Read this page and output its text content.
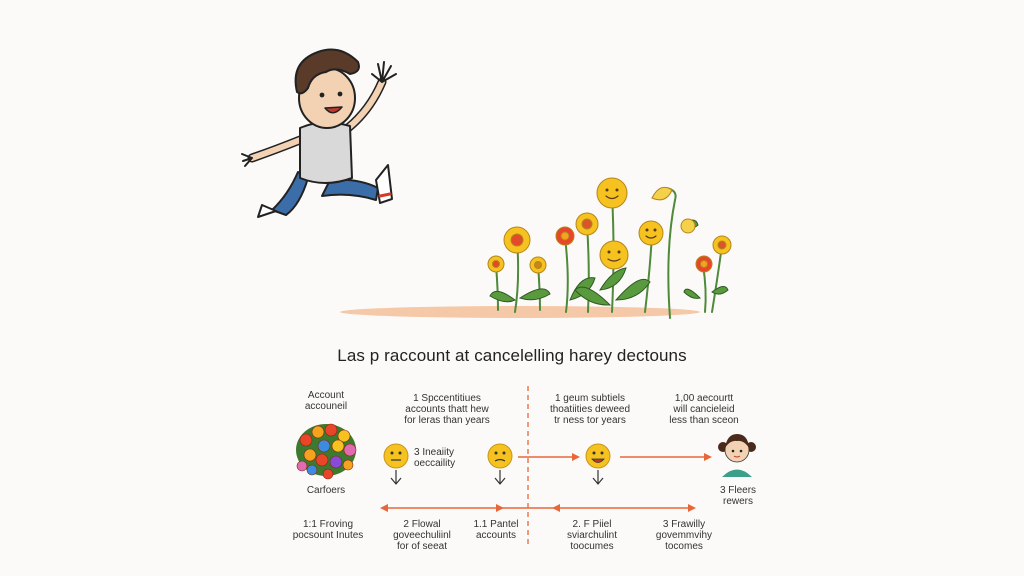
Las p raccount at cancelelling harey dectouns
Account
accouneil
1 Spccentitiues
accounts thatt hew
for leras than years
1 geum subtiels
thoatiities deweed
tr ness tor years
1,00 aecourtt
will cancieleid
less than sceon
Carfoers
3 Ineaiity
oeccaility
3 Fleers
rewers
1:1 Froving
pocsount Inutes
2 Flowal
goveechuliinl
for of seeat
1.1 Pantel
accounts
2. F Piiel
sviarchulint
toocumes
3 Frawilly
govemmvihy
tocomes
